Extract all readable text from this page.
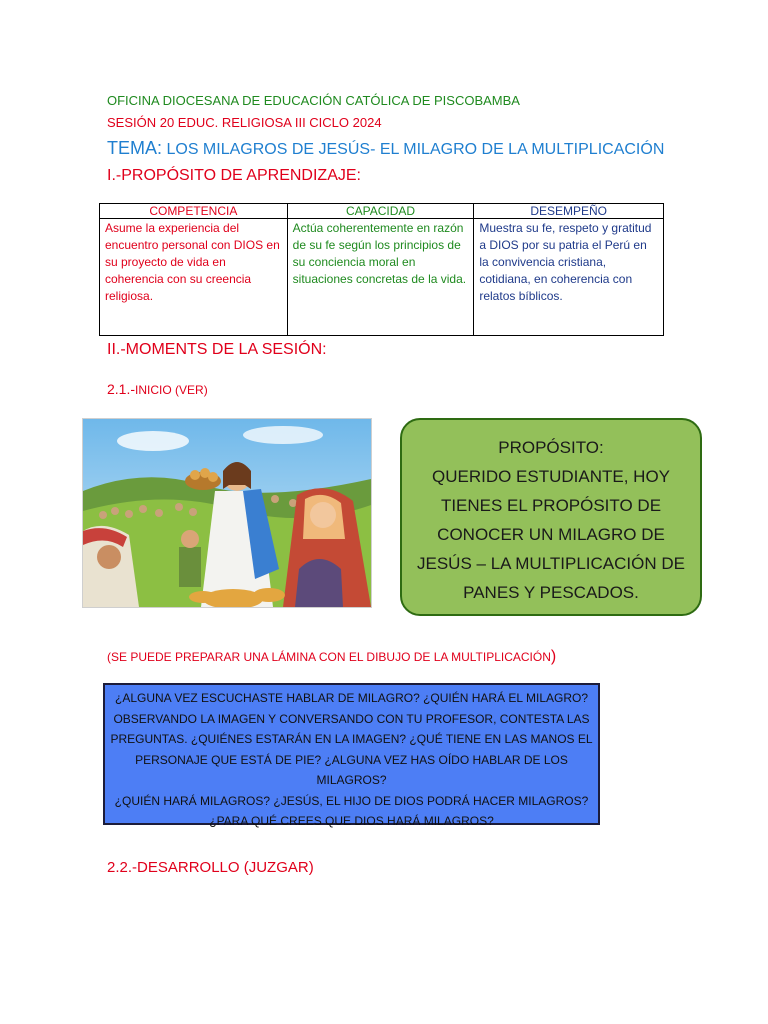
OFICINA DIOCESANA DE EDUCACIÓN CATÓLICA DE PISCOBAMBA
SESIÓN 20 EDUC. RELIGIOSA III CICLO 2024
TEMA: LOS MILAGROS DE JESÚS- EL MILAGRO DE LA MULTIPLICACIÓN
I.-PROPÓSITO DE APRENDIZAJE:
COMPETENCIA	CAPACIDAD	DESEMPEÑO
Asume la experiencia del encuentro personal con DIOS en su proyecto de vida en coherencia con su creencia religiosa.	Actúa coherentemente en razón de su fe según los principios de su conciencia moral en situaciones concretas de la vida.	Muestra su fe, respeto y gratitud a DIOS por su patria el Perú en la convivencia cristiana, cotidiana, en coherencia con relatos bíblicos.
II.-MOMENTS DE LA SESIÓN:
2.1.-INICIO (VER)
PROPÓSITO:
QUERIDO ESTUDIANTE, HOY
TIENES EL PROPÓSITO DE
CONOCER UN MILAGRO DE
JESÚS – LA MULTIPLICACIÓN DE
PANES Y PESCADOS.
(SE PUEDE PREPARAR UNA LÁMINA CON EL DIBUJO DE LA MULTIPLICACIÓN)
¿ALGUNA VEZ ESCUCHASTE HABLAR DE MILAGRO? ¿QUIÉN HARÁ EL MILAGRO?
OBSERVANDO LA IMAGEN Y CONVERSANDO CON TU PROFESOR, CONTESTA LAS
PREGUNTAS. ¿QUIÉNES ESTARÁN EN LA IMAGEN? ¿QUÉ TIENE EN LAS MANOS EL
PERSONAJE QUE ESTÁ DE PIE? ¿ALGUNA VEZ HAS OÍDO HABLAR DE LOS MILAGROS?
¿QUIÉN HARÁ MILAGROS? ¿JESÚS, EL HIJO DE DIOS PODRÁ HACER MILAGROS?
¿PARA QUÉ CREES QUE DIOS HARÁ MILAGROS?
2.2.-DESARROLLO (JUZGAR)
